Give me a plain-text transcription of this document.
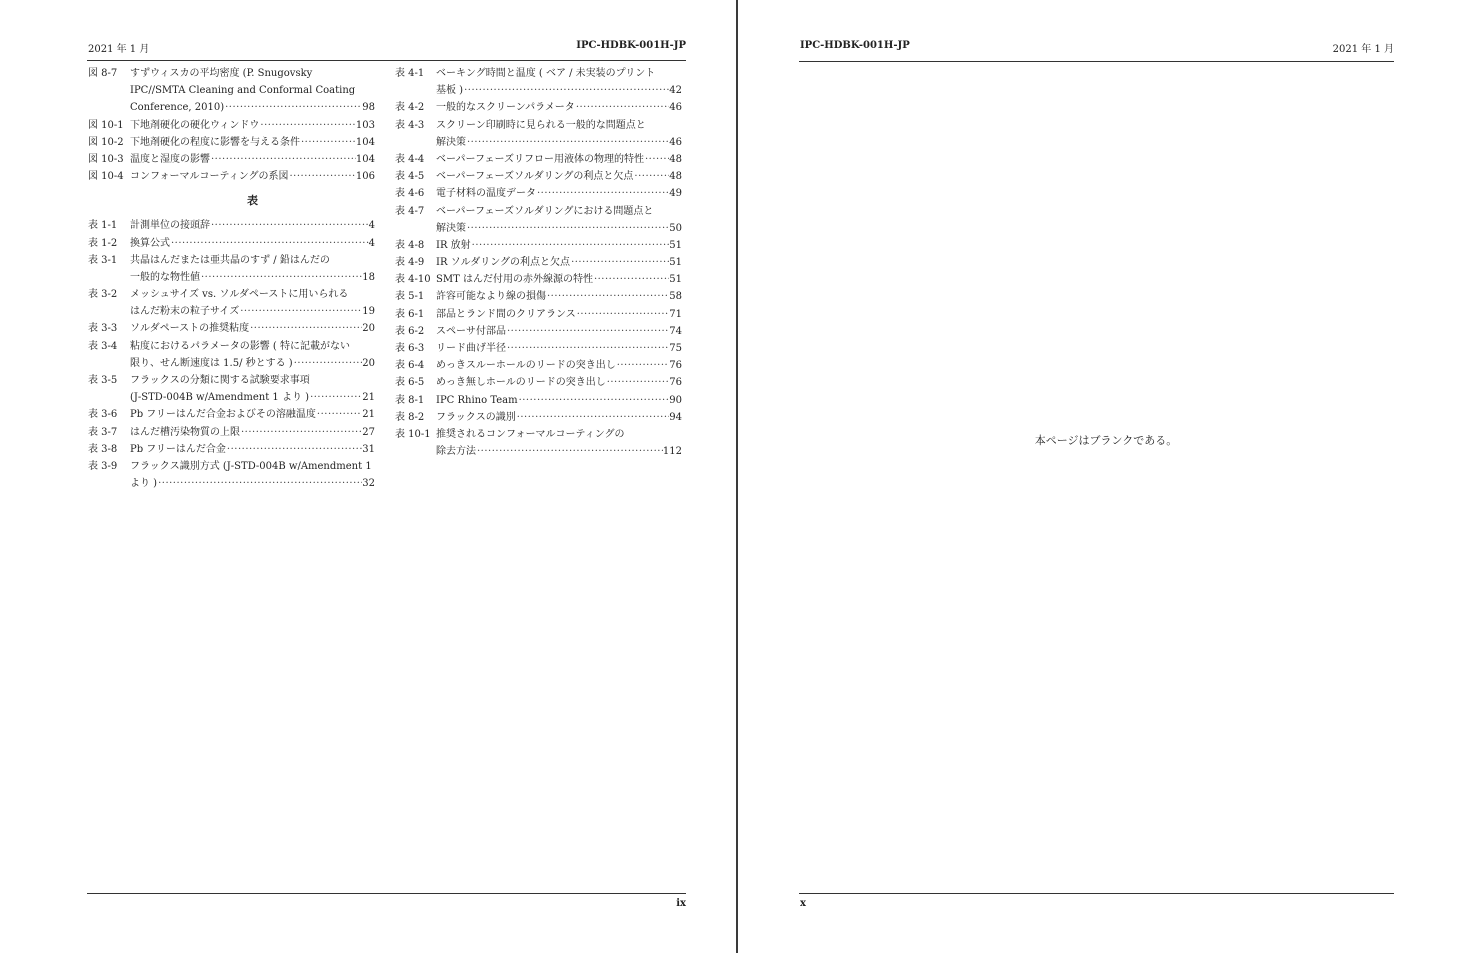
2021 年 1 月	IPC-HDBK-001H-JP
図 8-7	すずウィスカの平均密度 (P. Snugovsky
IPC//SMTA Cleaning and Conformal Coating
Conference, 2010) ·····	98
図 10-1 下地剤硬化の硬化ウィンドウ ·····	103
図 10-2 下地剤硬化の程度に影響を与える条件 ·····	104
図 10-3 温度と湿度の影響 ·····	104
図 10-4 コンフォーマルコーティングの系図 ·····	106
表
表 1-1	計測単位の接頭辞 ·····	4
表 1-2	換算公式 ·····	4
表 3-1	共晶はんだまたは亜共晶のすず / 鉛はんだの
一般的な物性値 ·····	18
表 3-2	メッシュサイズ vs. ソルダペーストに用いられる
はんだ粉末の粒子サイズ ·····	19
表 3-3	ソルダペーストの推奨粘度 ·····	20
表 3-4	粘度におけるパラメータの影響 ( 特に記載がない
限り、せん断速度は 1.5/ 秒とする ) ·····	20
表 3-5	フラックスの分類に関する試験要求事項
(J-STD-004B w/Amendment 1 より ) ·····	21
表 3-6	Pb フリーはんだ合金およびその溶融温度 ·····	21
表 3-7	はんだ槽汚染物質の上限 ·····	27
表 3-8	Pb フリーはんだ合金 ·····	31
表 3-9	フラックス識別方式 (J-STD-004B w/Amendment 1
より ) ·····	32
表 4-1	ベーキング時間と温度 ( ベア / 未実装のプリント
基板 ) ·····	42
表 4-2	一般的なスクリーンパラメータ ·····	46
表 4-3	スクリーン印刷時に見られる一般的な問題点と
解決策 ·····	46
表 4-4	ベーパーフェーズリフロー用液体の物理的特性 ·····	48
表 4-5	ベーパーフェーズソルダリングの利点と欠点 ·····	48
表 4-6	電子材料の温度データ ·····	49
表 4-7	ベーパーフェーズソルダリングにおける問題点と
解決策 ·····	50
表 4-8	IR 放射 ·····	51
表 4-9	IR ソルダリングの利点と欠点 ·····	51
表 4-10 SMT はんだ付用の赤外線源の特性 ·····	51
表 5-1	許容可能なより線の損傷 ·····	58
表 6-1	部品とランド間のクリアランス ·····	71
表 6-2	スペーサ付部品 ·····	74
表 6-3	リード曲げ半径 ·····	75
表 6-4	めっきスルーホールのリードの突き出し ·····	76
表 6-5	めっき無しホールのリードの突き出し ·····	76
表 8-1	IPC Rhino Team ·····	90
表 8-2	フラックスの識別 ·····	94
表 10-1 推奨されるコンフォーマルコーティングの
除去方法 ·····	112
ix
IPC-HDBK-001H-JP	2021 年 1 月
本ページはブランクである。
x
